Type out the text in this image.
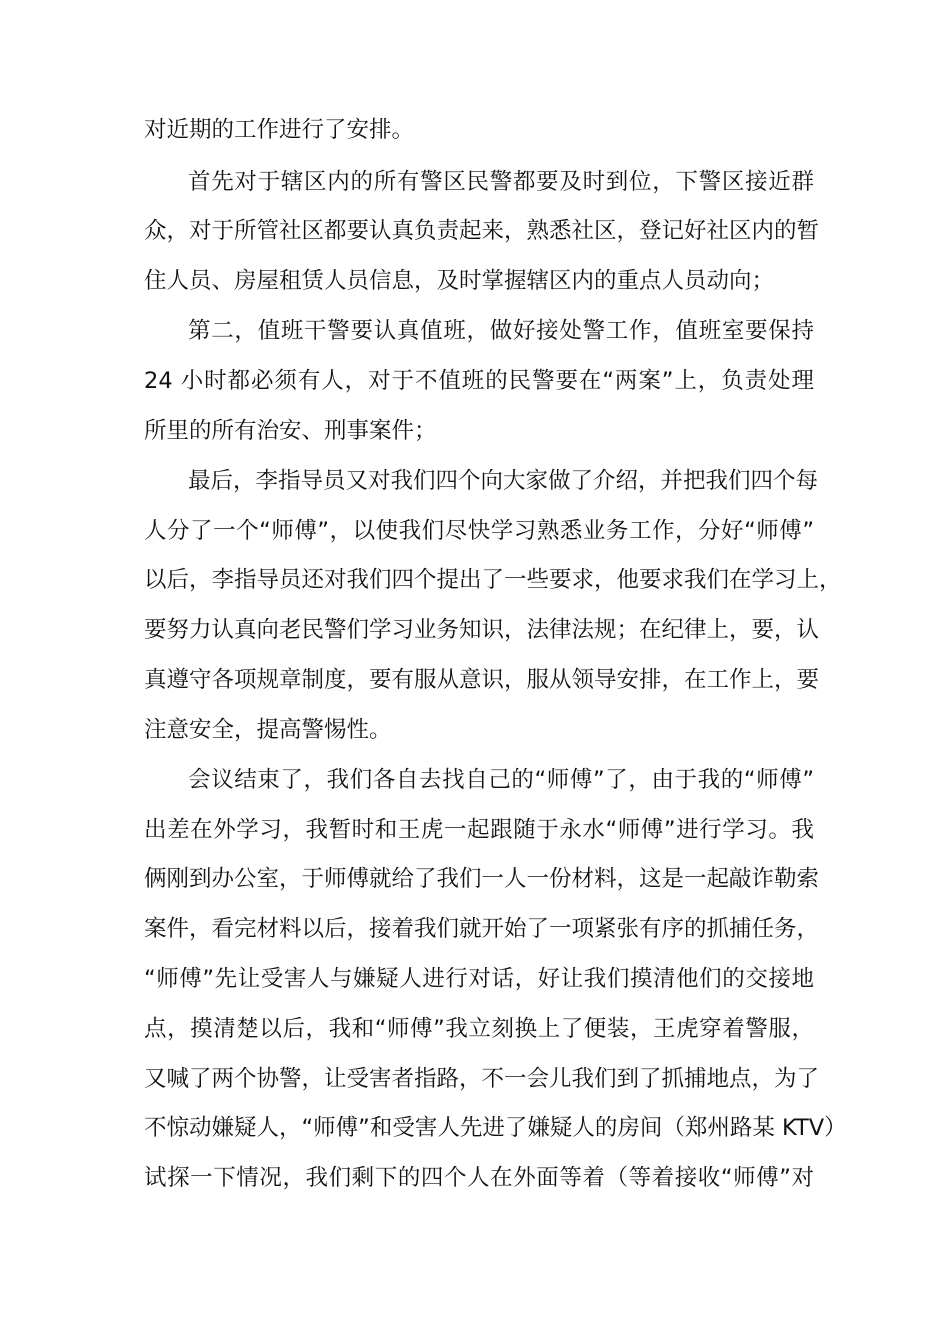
对近期的工作进行了安排。
首先对于辖区内的所有警区民警都要及时到位，下警区接近群
众，对于所管社区都要认真负责起来，熟悉社区，登记好社区内的暂
住人员、房屋租赁人员信息，及时掌握辖区内的重点人员动向；
第二，值班干警要认真值班，做好接处警工作，值班室要保持
24 小时都必须有人，对于不值班的民警要在“两案”上，负责处理
所里的所有治安、刑事案件；
最后，李指导员又对我们四个向大家做了介绍，并把我们四个每
人分了一个“师傅”，以使我们尽快学习熟悉业务工作，分好“师傅”
以后，李指导员还对我们四个提出了一些要求，他要求我们在学习上，
要努力认真向老民警们学习业务知识，法律法规；在纪律上，要，认
真遵守各项规章制度，要有服从意识，服从领导安排，在工作上，要
注意安全，提高警惕性。
会议结束了，我们各自去找自己的“师傅”了，由于我的“师傅”
出差在外学习，我暂时和王虎一起跟随于永水“师傅”进行学习。我
俩刚到办公室，于师傅就给了我们一人一份材料，这是一起敲诈勒索
案件，看完材料以后，接着我们就开始了一项紧张有序的抓捕任务，
“师傅”先让受害人与嫌疑人进行对话，好让我们摸清他们的交接地
点，摸清楚以后，我和“师傅”我立刻换上了便装，王虎穿着警服，
又喊了两个协警，让受害者指路，不一会儿我们到了抓捕地点，为了
不惊动嫌疑人，“师傅”和受害人先进了嫌疑人的房间（郑州路某 KTV）
试探一下情况，我们剩下的四个人在外面等着（等着接收“师傅”对
